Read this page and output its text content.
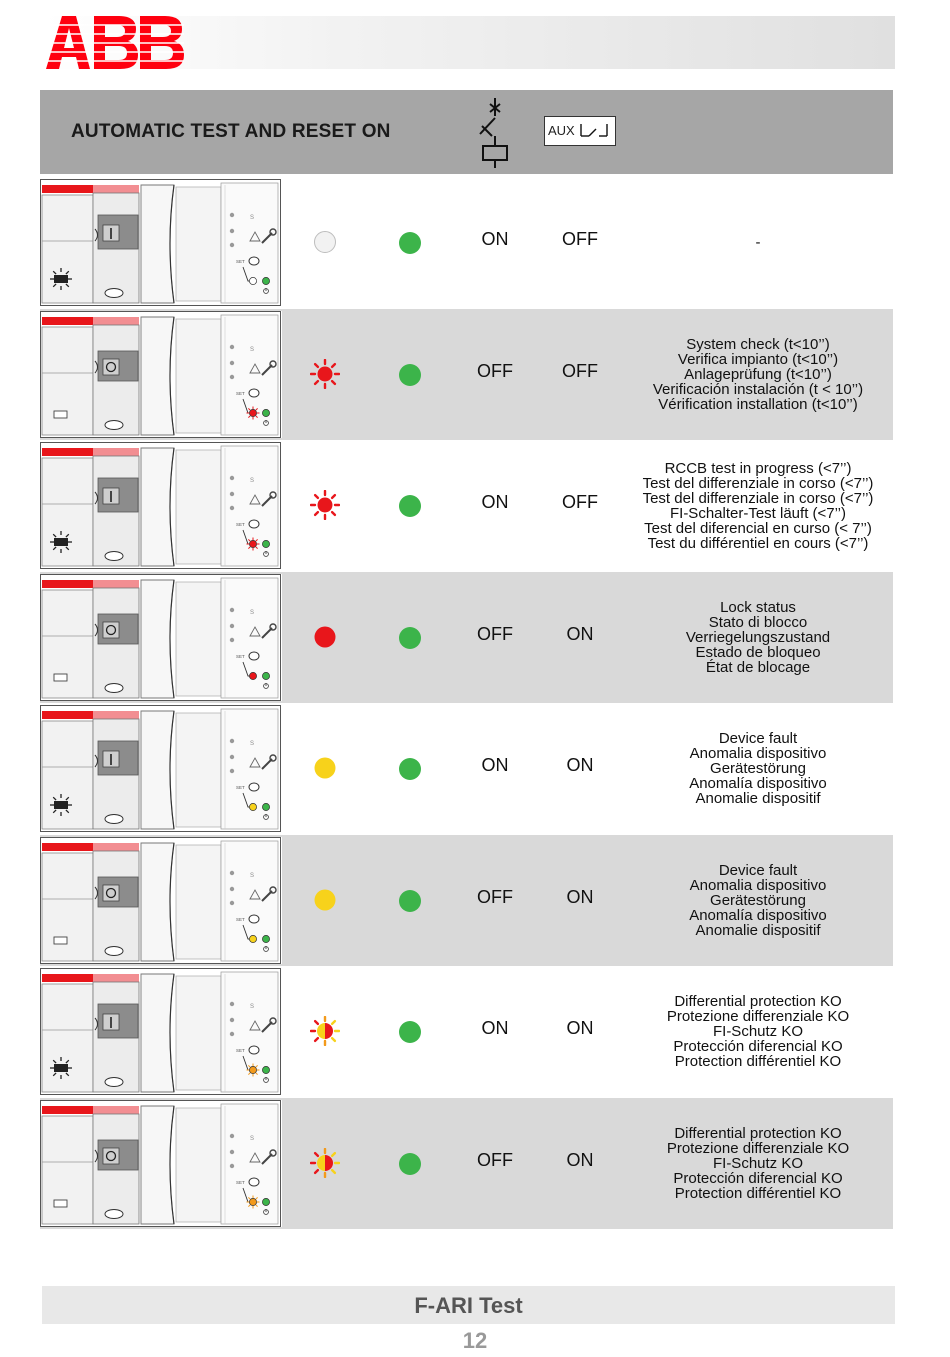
AUTOMATIC TEST AND RESET ON	AUX
S
SET
ON	OFF	-
S
SET
OFF	OFF
System check (t<10’’)
Verifica impianto (t<10’’)
Anlageprüfung (t<10’’)
Verificación instalación (t < 10’’)
Vérification installation (t<10’’)
S
SET
ON	OFF
RCCB test in progress (<7’’)
Test del differenziale in corso (<7’’)
Test del differenziale in corso (<7’’)
FI-Schalter-Test läuft (<7’’)
Test del diferencial en curso (< 7’’)
Test du différentiel en cours (<7’’)
S
SET
OFF	ON
Lock status
Stato di blocco
Verriegelungszustand
Estado de bloqueo
État de blocage
S
SET
ON	ON
Device fault
Anomalia dispositivo
Gerätestörung
Anomalía dispositivo
Anomalie dispositif
S
SET
OFF	ON
Device fault
Anomalia dispositivo
Gerätestörung
Anomalía dispositivo
Anomalie dispositif
S
SET
ON	ON
Differential protection KO
Protezione differenziale KO
FI-Schutz KO
Protección diferencial KO
Protection différentiel KO
S
SET
OFF	ON
Differential protection KO
Protezione differenziale KO
FI-Schutz KO
Protección diferencial KO
Protection différentiel KO
F-ARI Test
12
